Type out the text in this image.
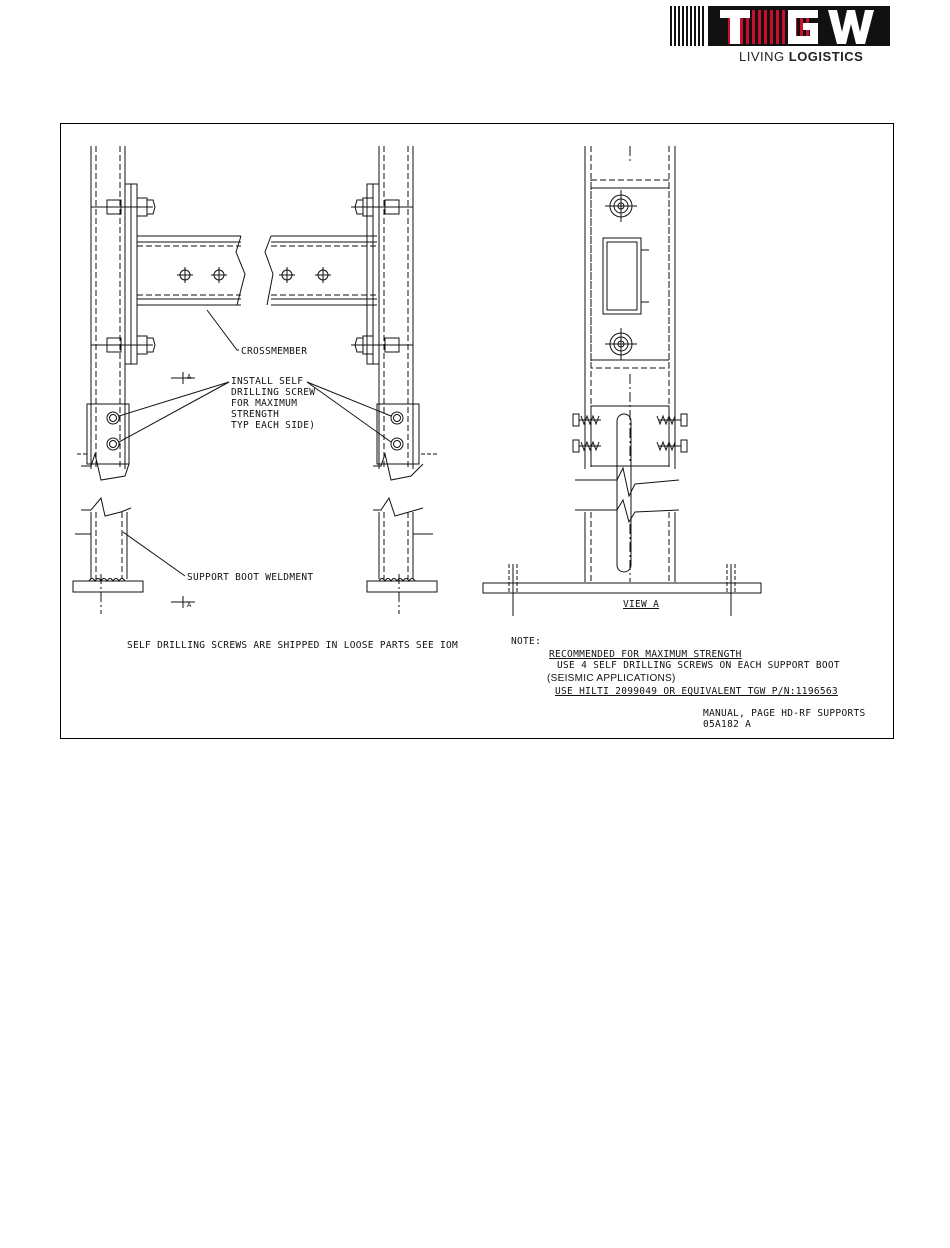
LIVING LOGISTICS
CROSSMEMBER
A	INSTALL SELF
DRILLING SCREW
FOR MAXIMUM
STRENGTH
TYP EACH SIDE)
SUPPORT BOOT WELDMENT
A	VIEW A
SELF DRILLING SCREWS ARE SHIPPED IN LOOSE PARTS SEE IOM	NOTE:
RECOMMENDED FOR MAXIMUM STRENGTH
USE 4 SELF DRILLING SCREWS ON EACH SUPPORT BOOT
(SEISMIC APPLICATIONS)
USE HILTI 2099049 OR EQUIVALENT TGW P/N:1196563
MANUAL, PAGE HD-RF SUPPORTS
05A182 A
